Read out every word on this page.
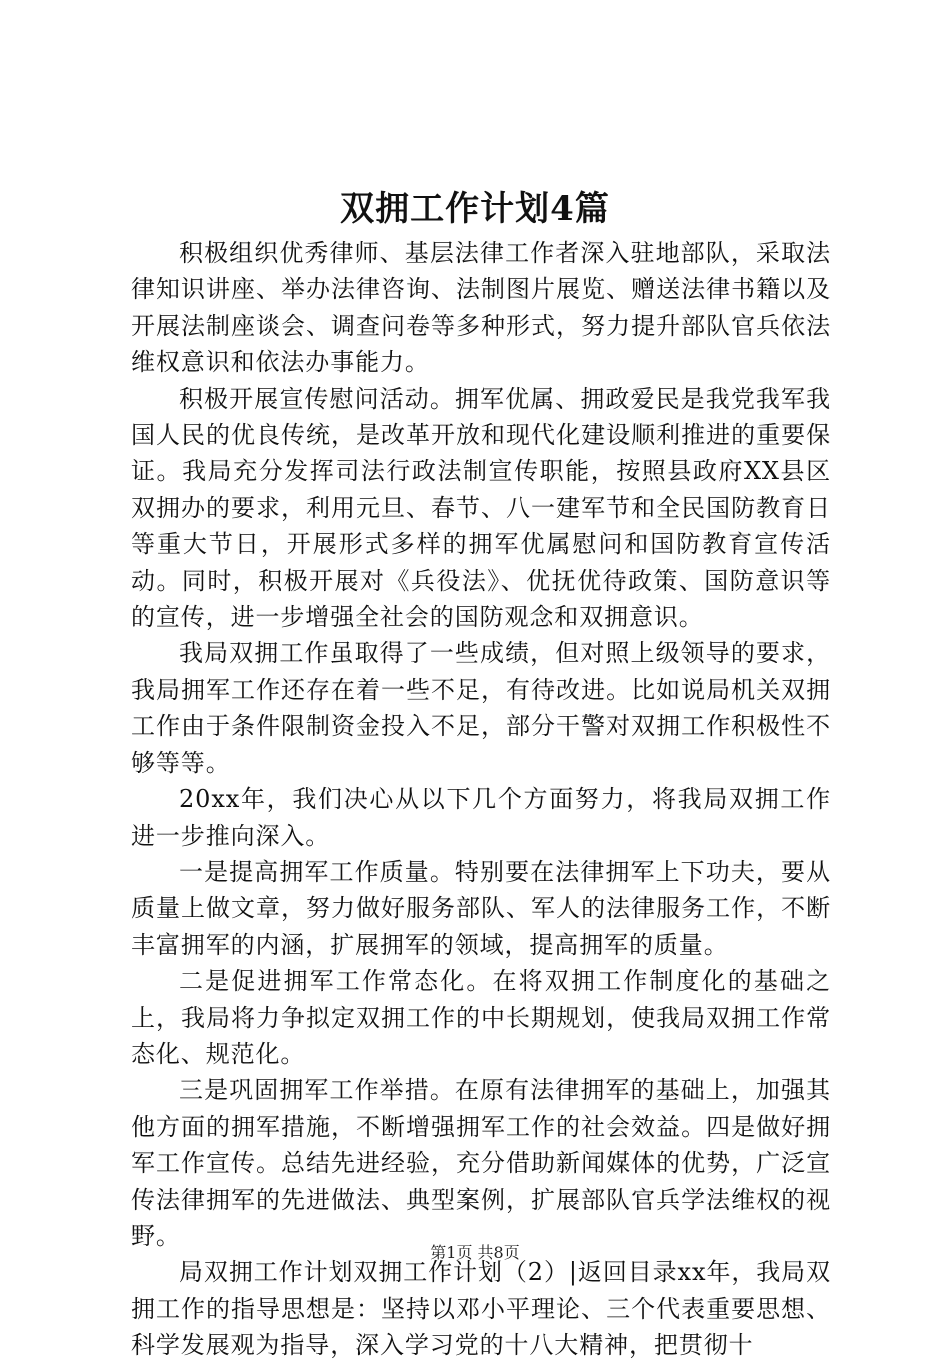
双拥工作计划4篇

积极组织优秀律师、基层法律工作者深入驻地部队，采取法律知识讲座、举办法律咨询、法制图片展览、赠送法律书籍以及开展法制座谈会、调查问卷等多种形式，努力提升部队官兵依法维权意识和依法办事能力。

积极开展宣传慰问活动。拥军优属、拥政爱民是我党我军我国人民的优良传统，是改革开放和现代化建设顺利推进的重要保证。我局充分发挥司法行政法制宣传职能，按照县政府XX县区双拥办的要求，利用元旦、春节、八一建军节和全民国防教育日等重大节日，开展形式多样的拥军优属慰问和国防教育宣传活动。同时，积极开展对《兵役法》、优抚优待政策、国防意识等的宣传，进一步增强全社会的国防观念和双拥意识。

我局双拥工作虽取得了一些成绩，但对照上级领导的要求，我局拥军工作还存在着一些不足，有待改进。比如说局机关双拥工作由于条件限制资金投入不足，部分干警对双拥工作积极性不够等等。

20xx年，我们决心从以下几个方面努力，将我局双拥工作进一步推向深入。

一是提高拥军工作质量。特别要在法律拥军上下功夫，要从质量上做文章，努力做好服务部队、军人的法律服务工作，不断丰富拥军的内涵，扩展拥军的领域，提高拥军的质量。

二是促进拥军工作常态化。在将双拥工作制度化的基础之上，我局将力争拟定双拥工作的中长期规划，使我局双拥工作常态化、规范化。

三是巩固拥军工作举措。在原有法律拥军的基础上，加强其他方面的拥军措施，不断增强拥军工作的社会效益。四是做好拥军工作宣传。总结先进经验，充分借助新闻媒体的优势，广泛宣传法律拥军的先进做法、典型案例，扩展部队官兵学法维权的视野。

局双拥工作计划双拥工作计划（2）|返回目录xx年，我局双拥工作的指导思想是：坚持以邓小平理论、三个代表重要思想、科学发展观为指导，深入学习党的十八大精神，把贯彻十

第1页 共8页
